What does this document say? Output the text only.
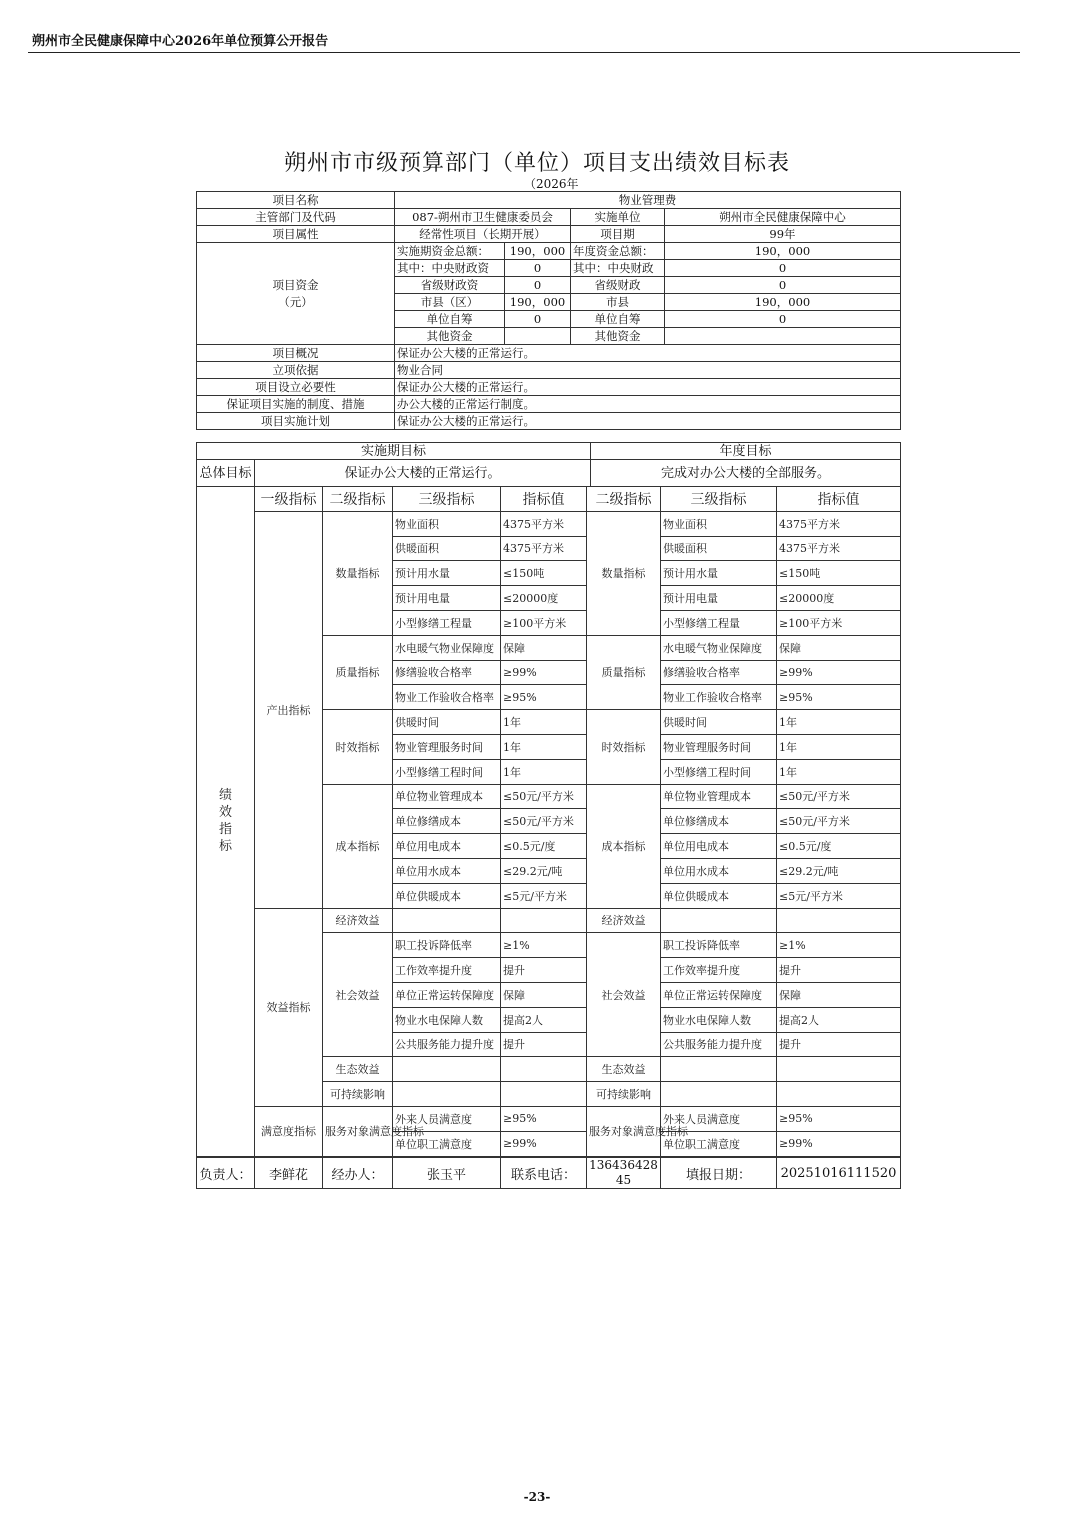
朔州市全民健康保障中心2026年单位预算公开报告
朔州市市级预算部门（单位）项目支出绩效目标表
（2026年
项目名称	物业管理费			
主管部门及代码	087-朔州市卫生健康委员会		实施单位	朔州市全民健康保障中心
项目属性	经常性项目（长期开展）		项目期	99年
项目资金
（元）	实施期资金总额：	190，000	年度资金总额：	190，000
	其中：中央财政资	0	其中：中央财政	0
	省级财政资	0	省级财政	0
	市县（区）	190，000	市县	190，000
	单位自筹	0	单位自筹	0
	其他资金		其他资金	
项目概况	保证办公大楼的正常运行。			
立项依据	物业合同			
项目设立必要性	保证办公大楼的正常运行。			
保证项目实施的制度、措施	办公大楼的正常运行制度。			
项目实施计划	保证办公大楼的正常运行。			
实施期目标		年度目标
总体目标	保证办公大楼的正常运行。	完成对办公大楼的全部服务。
绩效指标	一级指标	二级指标	三级指标	指标值	二级指标	三级指标	指标值
	产出指标	数量指标	物业面积	4375平方米	数量指标	物业面积	4375平方米
			供暖面积	4375平方米		供暖面积	4375平方米
			预计用水量	≤150吨		预计用水量	≤150吨
			预计用电量	≤20000度		预计用电量	≤20000度
			小型修缮工程量	≥100平方米		小型修缮工程量	≥100平方米
		质量指标	水电暖气物业保障度	保障	质量指标	水电暖气物业保障度	保障
			修缮验收合格率	≥99%		修缮验收合格率	≥99%
			物业工作验收合格率	≥95%		物业工作验收合格率	≥95%
		时效指标	供暖时间	1年	时效指标	供暖时间	1年
			物业管理服务时间	1年		物业管理服务时间	1年
			小型修缮工程时间	1年		小型修缮工程时间	1年
		成本指标	单位物业管理成本	≤50元/平方米	成本指标	单位物业管理成本	≤50元/平方米
			单位修缮成本	≤50元/平方米		单位修缮成本	≤50元/平方米
			单位用电成本	≤0.5元/度		单位用电成本	≤0.5元/度
			单位用水成本	≤29.2元/吨		单位用水成本	≤29.2元/吨
			单位供暖成本	≤5元/平方米		单位供暖成本	≤5元/平方米
	效益指标	经济效益			经济效益		
		社会效益	职工投诉降低率	≥1%	社会效益	职工投诉降低率	≥1%
			工作效率提升度	提升		工作效率提升度	提升
			单位正常运转保障度	保障		单位正常运转保障度	保障
			物业水电保障人数	提高2人		物业水电保障人数	提高2人
			公共服务能力提升度	提升		公共服务能力提升度	提升
		生态效益			生态效益		
		可持续影响			可持续影响		
	满意度指标	服务对象满意度指标	外来人员满意度	≥95%	服务对象满意度指标	外来人员满意度	≥95%
			单位职工满意度	≥99%		单位职工满意度	≥99%
负责人：	李鲜花	经办人：	张玉平	联系电话：	13643642845	填报日期：	20251016111520
-23-
